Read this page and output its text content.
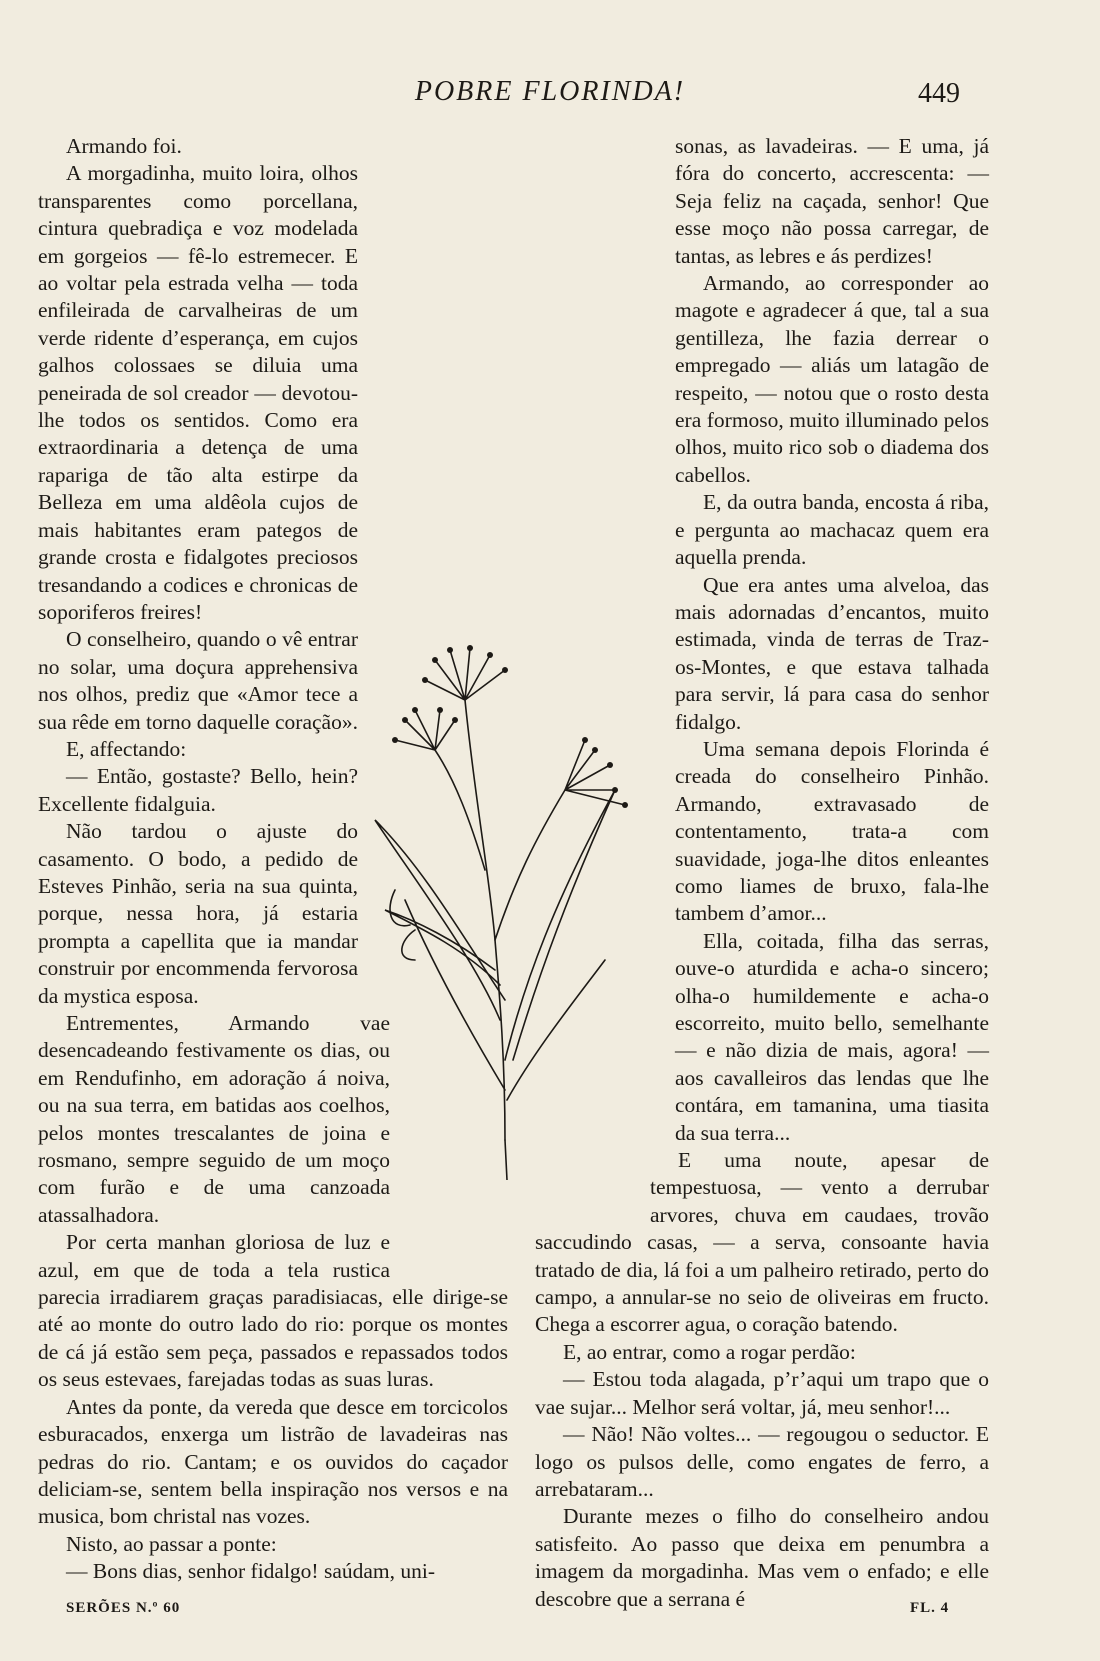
POBRE FLORINDA!	449

Armando foi.

A morgadinha, muito loira, olhos transparentes como porcellana, cintura quebradiça e voz modelada em gorgeios — fê-lo estremecer. E ao voltar pela estrada velha — toda enfileirada de carvalheiras de um verde ridente d’esperança, em cujos galhos colossaes se diluia uma peneirada de sol creador — devotou-lhe todos os sentidos. Como era extraordinaria a detença de uma rapariga de tão alta estirpe da Belleza em uma aldêola cujos de mais habitantes eram pategos de grande crosta e fidalgotes preciosos tresandando a codices e chronicas de soporiferos freires!

O conselheiro, quando o vê entrar no solar, uma doçura apprehensiva nos olhos, prediz que «Amor tece a sua rêde em torno daquelle coração».

E, affectando:

— Então, gostaste? Bello, hein? Excellente fidalguia.

Não tardou o ajuste do casamento. O bodo, a pedido de Esteves Pinhão, seria na sua quinta, porque, nessa hora, já estaria prompta a capellita que ia mandar construir por encommenda fervorosa da mystica esposa.

Entrementes, Armando vae desencadeando festivamente os dias, ou em Rendufinho, em adoração á noiva, ou na sua terra, em batidas aos coelhos, pelos montes trescalantes de joina e rosmano, sempre seguido de um moço com furão e de uma canzoada atassalhadora.

Por certa manhan gloriosa de luz e azul, em que de toda a tela rustica parecia irradiarem graças paradisiacas, elle dirige-se até ao monte do outro lado do rio: porque os montes de cá já estão sem peça, passados e repassados todos os seus estevaes, farejadas todas as suas luras.

Antes da ponte, da vereda que desce em torcicolos esburacados, enxerga um listrão de lavadeiras nas pedras do rio. Cantam; e os ouvidos do caçador deliciam-se, sentem bella inspiração nos versos e na musica, bom christal nas vozes.

Nisto, ao passar a ponte:

— Bons dias, senhor fidalgo! saúdam, uni-

sonas, as lavadeiras. — E uma, já fóra do concerto, accrescenta: — Seja feliz na caçada, senhor! Que esse moço não possa carregar, de tantas, as lebres e ás perdizes!

Armando, ao corresponder ao magote e agradecer á que, tal a sua gentilleza, lhe fazia derrear o empregado — aliás um latagão de respeito, — notou que o rosto desta era formoso, muito illuminado pelos olhos, muito rico sob o diadema dos cabellos.

E, da outra banda, encosta á riba, e pergunta ao machacaz quem era aquella prenda.

Que era antes uma alveloa, das mais adornadas d’encantos, muito estimada, vinda de terras de Traz-os-Montes, e que estava talhada para servir, lá para casa do senhor fidalgo.

Uma semana depois Florinda é creada do conselheiro Pinhão. Armando, extravasado de contentamento, trata-a com suavidade, joga-lhe ditos enleantes como liames de bruxo, fala-lhe tambem d’amor...

Ella, coitada, filha das serras, ouve-o aturdida e acha-o sincero; olha-o humildemente e acha-o escorreito, muito bello, semelhante — e não dizia de mais, agora! — aos cavalleiros das lendas que lhe contára, em tamanina, uma tiasita da sua terra...

E uma noute, apesar de tempestuosa, — vento a derrubar arvores, chuva em caudaes, trovão saccudindo casas, — a serva, consoante havia tratado de dia, lá foi a um palheiro retirado, perto do campo, a annular-se no seio de oliveiras em fructo. Chega a escorrer agua, o coração batendo.

E, ao entrar, como a rogar perdão:

— Estou toda alagada, p’r’aqui um trapo que o vae sujar... Melhor será voltar, já, meu senhor!...

— Não! Não voltes... — regougou o seductor. E logo os pulsos delle, como engates de ferro, a arrebataram...

Durante mezes o filho do conselheiro andou satisfeito. Ao passo que deixa em penumbra a imagem da morgadinha. Mas vem o enfado; e elle descobre que a serrana é

SERÕES N.º 60	FL. 4
